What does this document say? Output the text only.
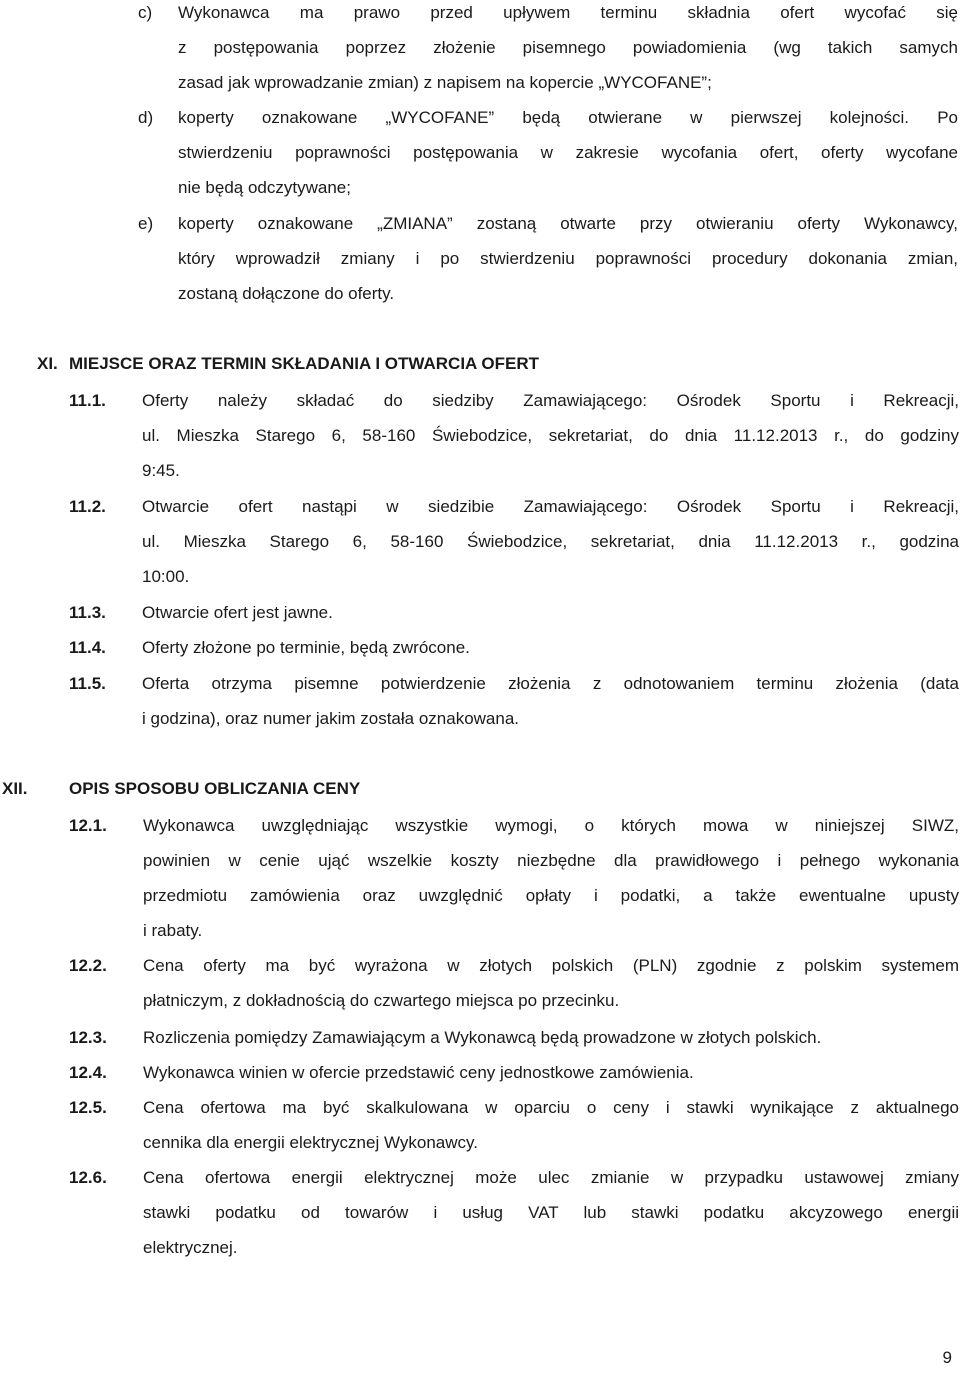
c) Wykonawca ma prawo przed upływem terminu składnia ofert wycofać się
z postępowania poprzez złożenie pisemnego powiadomienia (wg takich samych
zasad jak wprowadzanie zmian) z napisem na kopercie „WYCOFANE”;
d) koperty oznakowane „WYCOFANE” będą otwierane w pierwszej kolejności. Po
stwierdzeniu poprawności postępowania w zakresie wycofania ofert, oferty wycofane
nie będą odczytywane;
e) koperty oznakowane „ZMIANA” zostaną otwarte przy otwieraniu oferty Wykonawcy,
który wprowadził zmiany i po stwierdzeniu poprawności procedury dokonania zmian,
zostaną dołączone do oferty.
XI. MIEJSCE ORAZ TERMIN SKŁADANIA I OTWARCIA OFERT
11.1. Oferty należy składać do siedziby Zamawiającego: Ośrodek Sportu i Rekreacji,
ul. Mieszka Starego 6, 58-160 Świebodzice, sekretariat, do dnia 11.12.2013 r., do godziny
9:45.
11.2. Otwarcie ofert nastąpi w siedzibie Zamawiającego: Ośrodek Sportu i Rekreacji,
ul. Mieszka Starego 6, 58-160 Świebodzice, sekretariat, dnia 11.12.2013 r., godzina
10:00.
11.3. Otwarcie ofert jest jawne.
11.4. Oferty złożone po terminie, będą zwrócone.
11.5. Oferta otrzyma pisemne potwierdzenie złożenia z odnotowaniem terminu złożenia (data
i godzina), oraz numer jakim została oznakowana.
XII. OPIS SPOSOBU OBLICZANIA CENY
12.1. Wykonawca uwzględniając wszystkie wymogi, o których mowa w niniejszej SIWZ,
powinien w cenie ująć wszelkie koszty niezbędne dla prawidłowego i pełnego wykonania
przedmiotu zamówienia oraz uwzględnić opłaty i podatki, a także ewentualne upusty
i rabaty.
12.2. Cena oferty ma być wyrażona w złotych polskich (PLN) zgodnie z polskim systemem
płatniczym, z dokładnością do czwartego miejsca po przecinku.
12.3. Rozliczenia pomiędzy Zamawiającym a Wykonawcą będą prowadzone w złotych polskich.
12.4. Wykonawca winien w ofercie przedstawić ceny jednostkowe zamówienia.
12.5. Cena ofertowa ma być skalkulowana w oparciu o ceny i stawki wynikające z aktualnego
cennika dla energii elektrycznej Wykonawcy.
12.6. Cena ofertowa energii elektrycznej może ulec zmianie w przypadku ustawowej zmiany
stawki podatku od towarów i usług VAT lub stawki podatku akcyzowego energii
elektrycznej.
9
